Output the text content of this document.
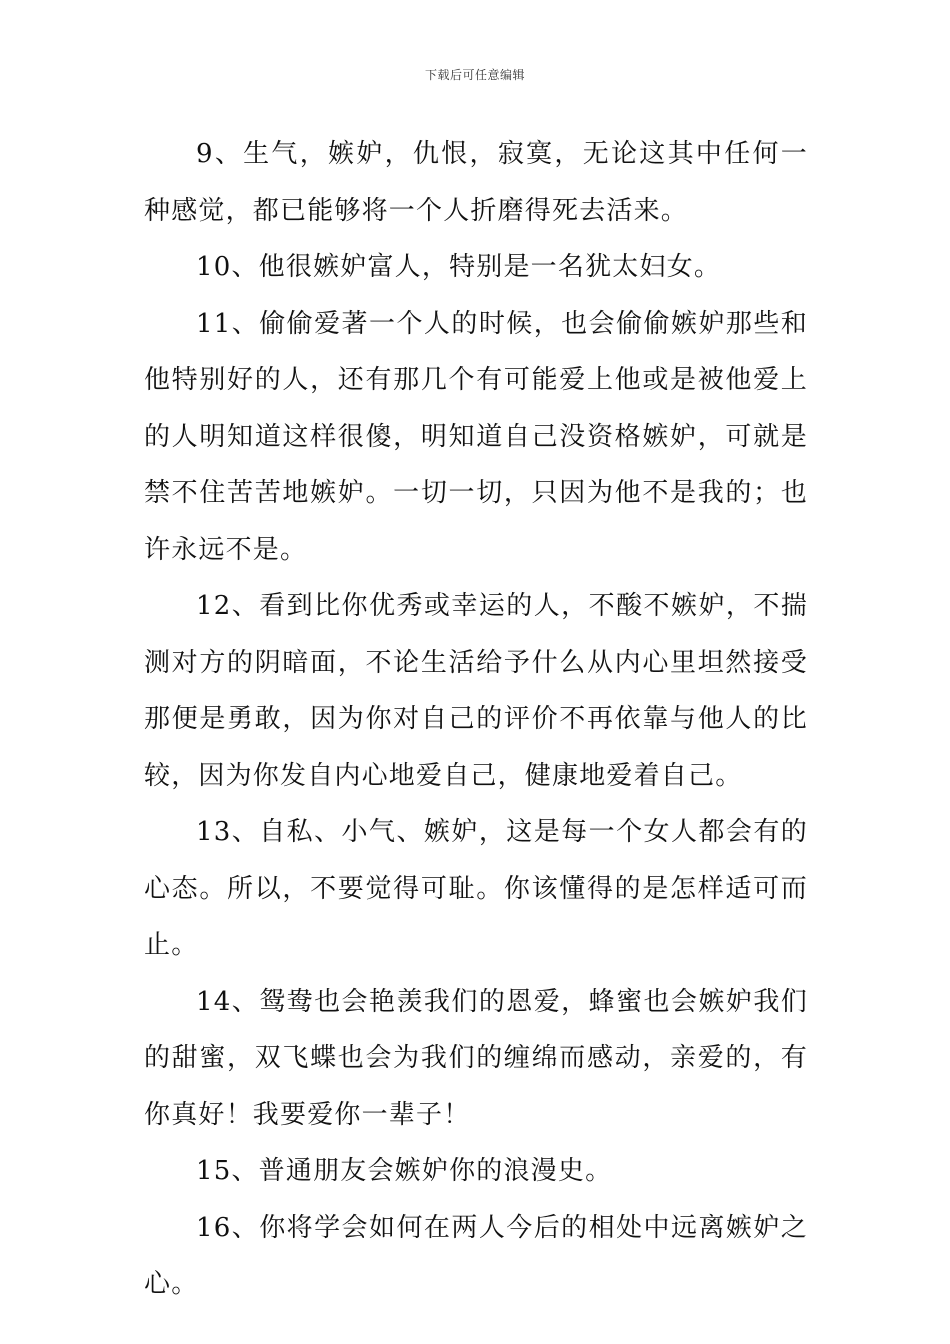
下载后可任意编辑

9、生气，嫉妒，仇恨，寂寞，无论这其中任何一种感觉，都已能够将一个人折磨得死去活来。

10、他很嫉妒富人，特别是一名犹太妇女。

11、偷偷爱著一个人的时候，也会偷偷嫉妒那些和他特别好的人，还有那几个有可能爱上他或是被他爱上的人明知道这样很傻，明知道自己没资格嫉妒，可就是禁不住苦苦地嫉妒。一切一切，只因为他不是我的；也许永远不是。

12、看到比你优秀或幸运的人，不酸不嫉妒，不揣测对方的阴暗面，不论生活给予什么从内心里坦然接受那便是勇敢，因为你对自己的评价不再依靠与他人的比较，因为你发自内心地爱自己，健康地爱着自己。

13、自私、小气、嫉妒，这是每一个女人都会有的心态。所以，不要觉得可耻。你该懂得的是怎样适可而止。

14、鸳鸯也会艳羡我们的恩爱，蜂蜜也会嫉妒我们的甜蜜，双飞蝶也会为我们的缠绵而感动，亲爱的，有你真好！我要爱你一辈子！

15、普通朋友会嫉妒你的浪漫史。

16、你将学会如何在两人今后的相处中远离嫉妒之心。
